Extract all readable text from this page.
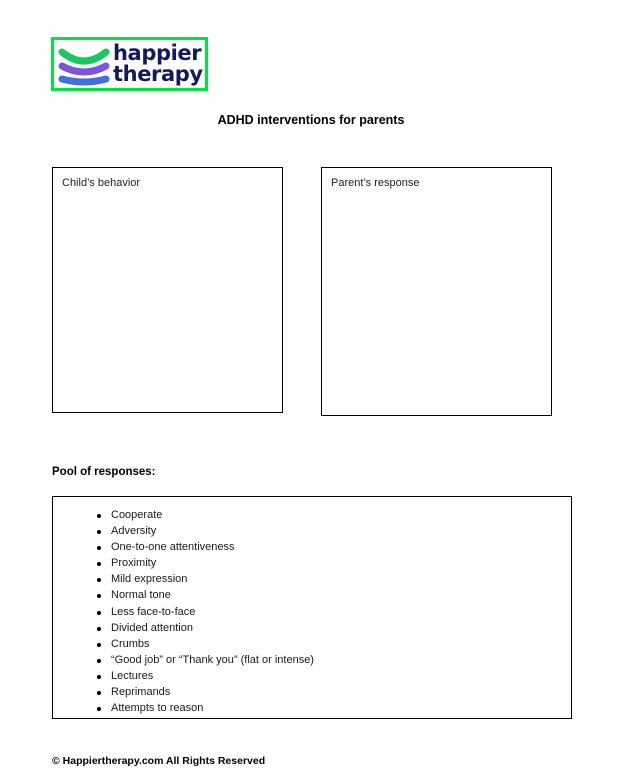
happier
therapy
ADHD interventions for parents
Child’s behavior	Parent’s response
Pool of responses:
Cooperate
Adversity
One-to-one attentiveness
Proximity
Mild expression
Normal tone
Less face-to-face
Divided attention
Crumbs
“Good job” or “Thank you” (flat or intense)
Lectures
Reprimands
Attempts to reason
© Happiertherapy.com All Rights Reserved
